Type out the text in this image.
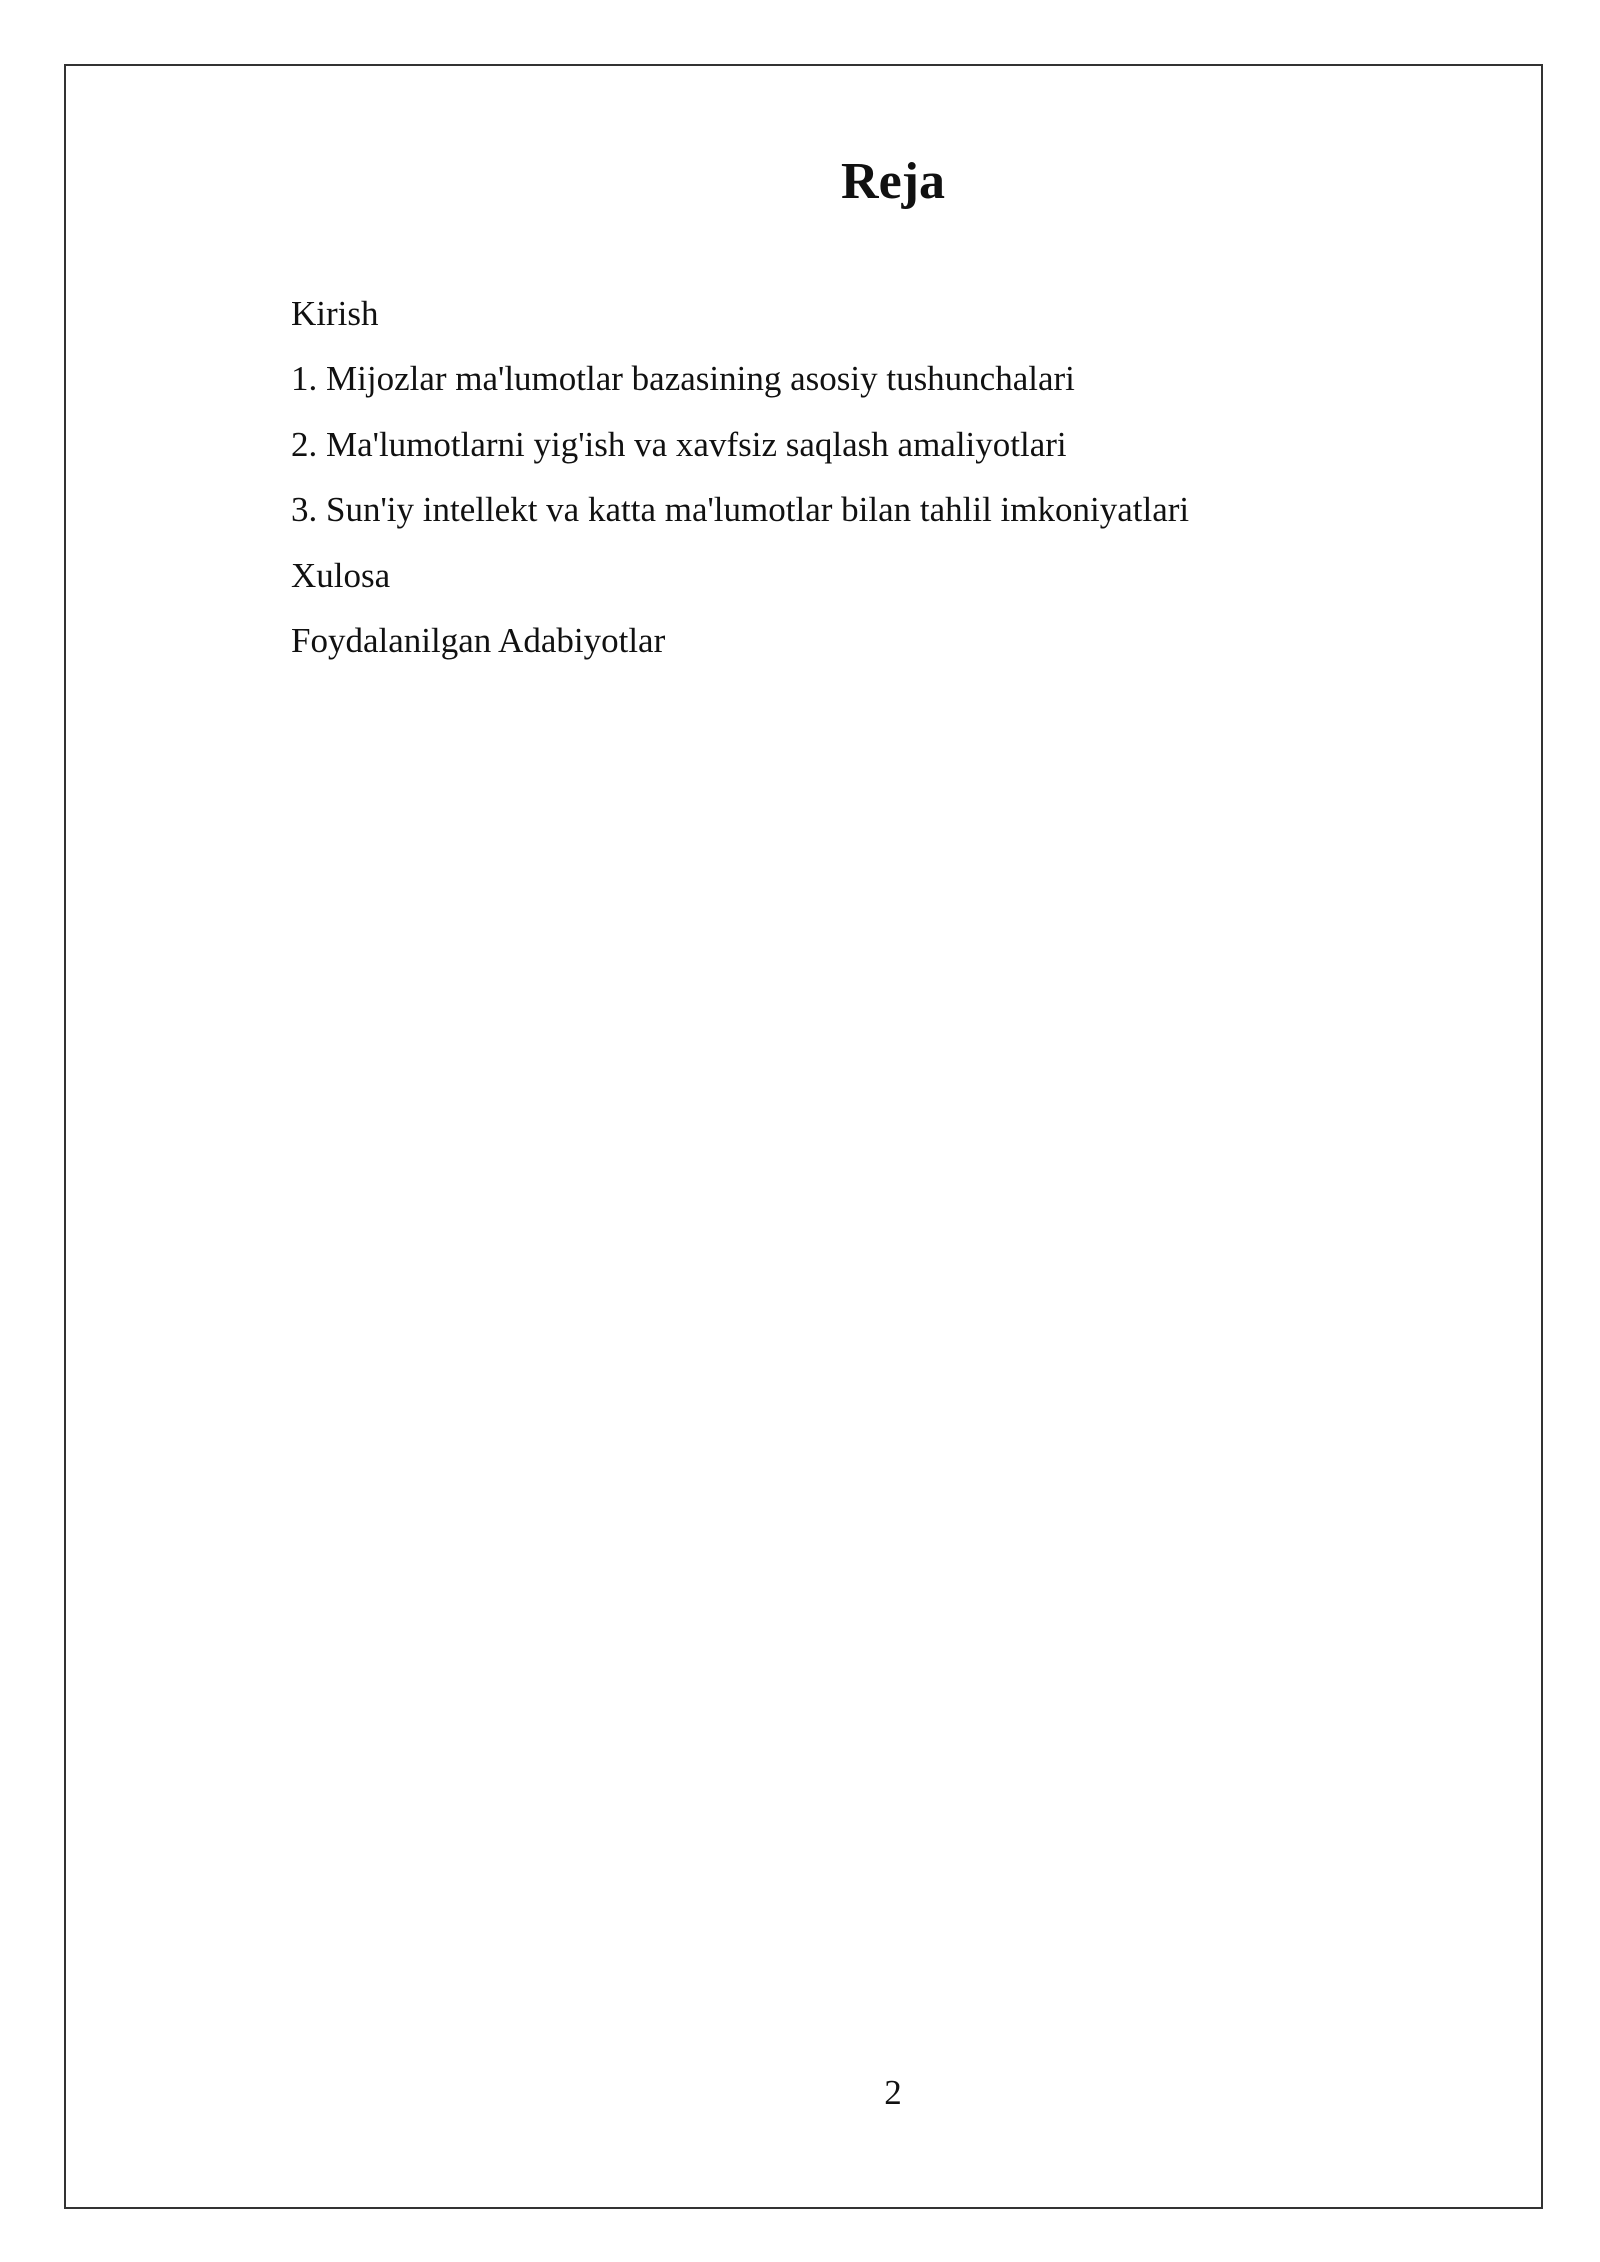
Reja
Kirish
1. Mijozlar ma'lumotlar bazasining asosiy tushunchalari
2. Ma'lumotlarni yig'ish va xavfsiz saqlash amaliyotlari
3. Sun'iy intellekt va katta ma'lumotlar bilan tahlil imkoniyatlari
Xulosa
Foydalanilgan Adabiyotlar
2
